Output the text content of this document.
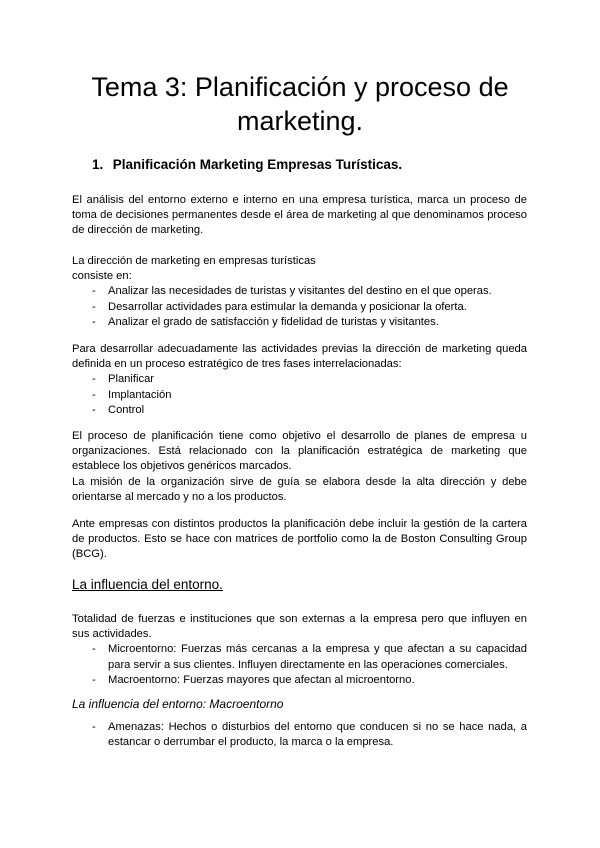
Tema 3: Planificación y proceso de marketing.
1. Planificación Marketing Empresas Turísticas.

El análisis del entorno externo e interno en una empresa turística, marca un proceso de toma de decisiones permanentes desde el área de marketing al que denominamos proceso de dirección de marketing.

La dirección de marketing en empresas turísticas

consiste en:

- Analizar las necesidades de turistas y visitantes del destino en el que operas.
- Desarrollar actividades para estimular la demanda y posicionar la oferta.
- Analizar el grado de satisfacción y fidelidad de turistas y visitantes.

Para desarrollar adecuadamente las actividades previas la dirección de marketing queda definida en un proceso estratégico de tres fases interrelacionadas:

- Planificar
- Implantación
- Control

El proceso de planificación tiene como objetivo el desarrollo de planes de empresa u organizaciones. Está relacionado con la planificación estratégica de marketing que establece los objetivos genéricos marcados.

La misión de la organización sirve de guía se elabora desde la alta dirección y debe orientarse al mercado y no a los productos.

Ante empresas con distintos productos la planificación debe incluir la gestión de la cartera de productos. Esto se hace con matrices de portfolio como la de Boston Consulting Group (BCG).

La influencia del entorno.

Totalidad de fuerzas e instituciones que son externas a la empresa pero que influyen en sus actividades.

- Microentorno: Fuerzas más cercanas a la empresa y que afectan a su capacidad para servir a sus clientes. Influyen directamente en las operaciones comerciales.
- Macroentorno: Fuerzas mayores que afectan al microentorno.
La influencia del entorno: Macroentorno
- Amenazas: Hechos o disturbios del entorno que conducen si no se hace nada, a estancar o derrumbar el producto, la marca o la empresa.
